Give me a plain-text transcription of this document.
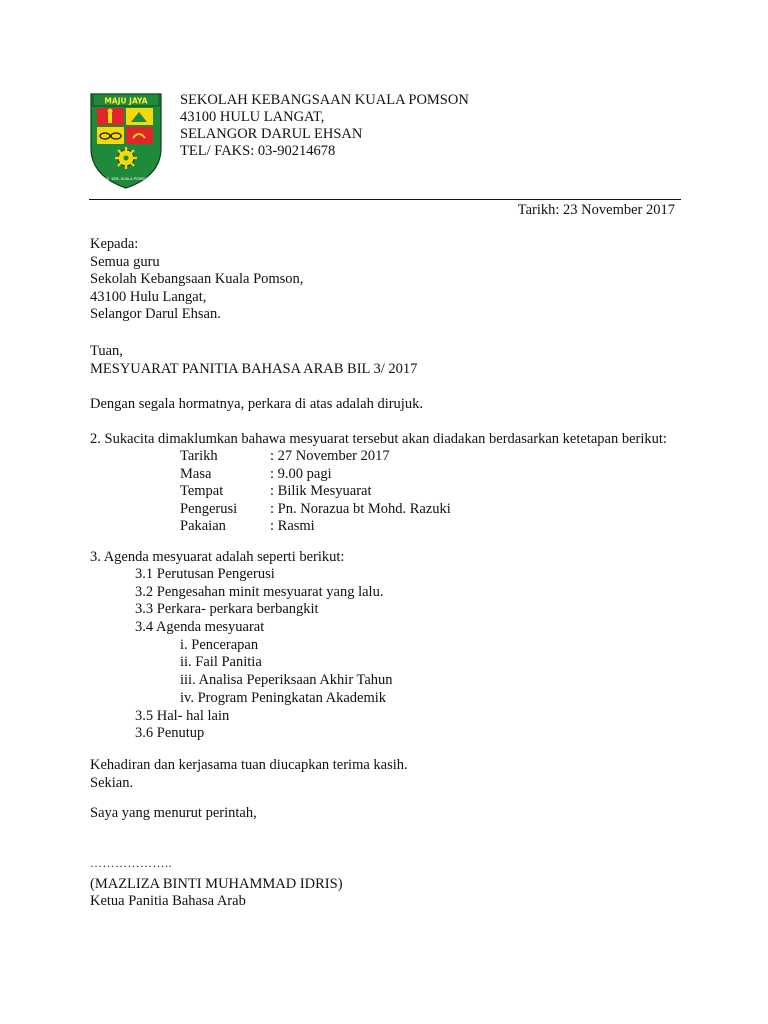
MAJU JAYA
SEK. KEB. KUALA POMSON
SEKOLAH KEBANGSAAN KUALA POMSON
43100 HULU LANGAT,
SELANGOR DARUL EHSAN
TEL/ FAKS: 03-90214678
Tarikh: 23 November 2017
Kepada:
Semua guru
Sekolah Kebangsaan Kuala Pomson,
43100 Hulu Langat,
Selangor Darul Ehsan.
Tuan,
MESYUARAT PANITIA BAHASA ARAB BIL 3/ 2017
Dengan segala hormatnya, perkara di atas adalah dirujuk.
2. Sukacita dimaklumkan bahawa mesyuarat tersebut akan diadakan berdasarkan ketetapan berikut:
Tarikh	: 27 November 2017
Masa	: 9.00 pagi
Tempat	: Bilik Mesyuarat
Pengerusi	: Pn. Norazua bt Mohd. Razuki
Pakaian	: Rasmi
3. Agenda mesyuarat adalah seperti berikut:
3.1 Perutusan Pengerusi
3.2 Pengesahan minit mesyuarat yang lalu.
3.3 Perkara- perkara berbangkit
3.4 Agenda mesyuarat
i. Pencerapan
ii. Fail Panitia
iii. Analisa Peperiksaan Akhir Tahun
iv. Program Peningkatan Akademik
3.5 Hal- hal lain
3.6 Penutup
Kehadiran dan kerjasama tuan diucapkan terima kasih.
Sekian.
Saya yang menurut perintah,
………………..
(MAZLIZA BINTI MUHAMMAD IDRIS)
Ketua Panitia Bahasa Arab
